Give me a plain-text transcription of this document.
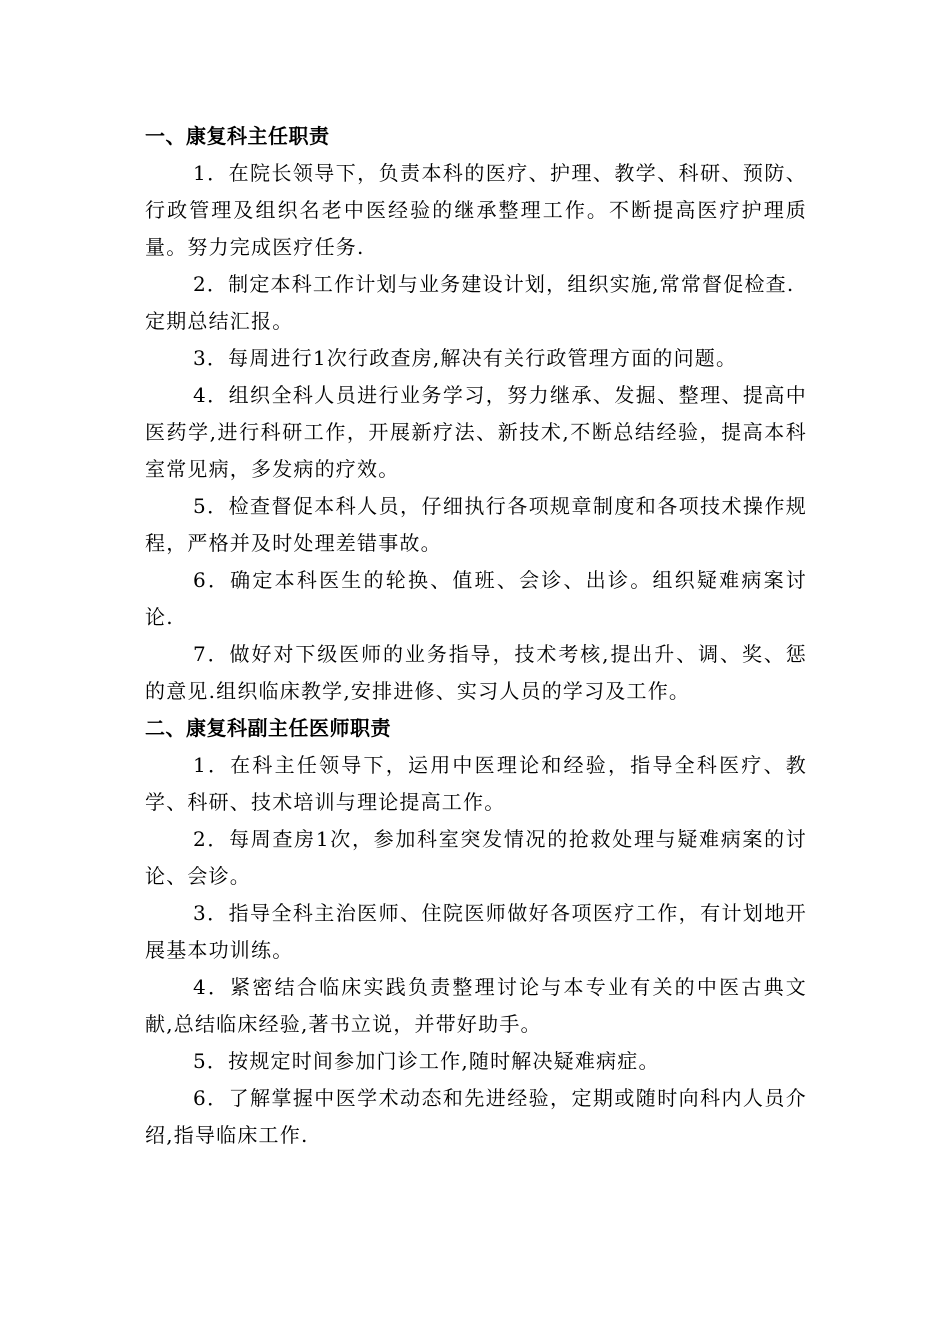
一、康复科主任职责

1．在院长领导下，负责本科的医疗、护理、教学、科研、预防、行政管理及组织名老中医经验的继承整理工作。不断提高医疗护理质量。努力完成医疗任务.

2．制定本科工作计划与业务建设计划，组织实施,常常督促检查.

定期总结汇报。

3．每周进行1次行政查房,解决有关行政管理方面的问题。

4．组织全科人员进行业务学习，努力继承、发掘、整理、提高中医药学,进行科研工作，开展新疗法、新技术,不断总结经验，提高本科室常见病，多发病的疗效。

5．检查督促本科人员，仔细执行各项规章制度和各项技术操作规程，严格并及时处理差错事故。

6．确定本科医生的轮换、值班、会诊、出诊。组织疑难病案讨论.

7．做好对下级医师的业务指导，技术考核,提出升、调、奖、惩的意见.组织临床教学,安排进修、实习人员的学习及工作。

二、康复科副主任医师职责

1．在科主任领导下，运用中医理论和经验，指导全科医疗、教学、科研、技术培训与理论提高工作。

2．每周查房1次，参加科室突发情况的抢救处理与疑难病案的讨论、会诊。

3．指导全科主治医师、住院医师做好各项医疗工作，有计划地开展基本功训练。

4．紧密结合临床实践负责整理讨论与本专业有关的中医古典文献,总结临床经验,著书立说，并带好助手。

5．按规定时间参加门诊工作,随时解决疑难病症。

6．了解掌握中医学术动态和先进经验，定期或随时向科内人员介绍,指导临床工作.
